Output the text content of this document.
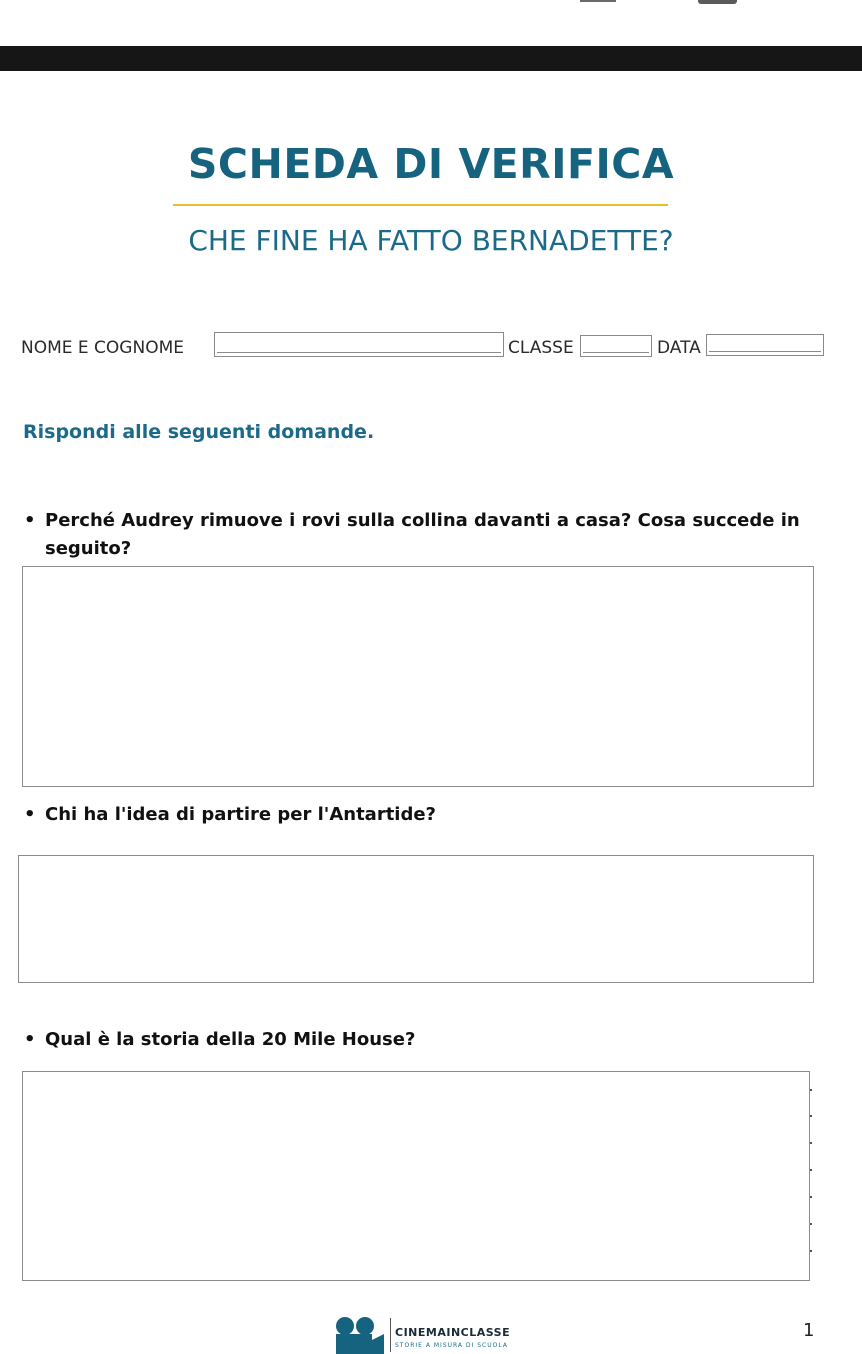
SCHEDA DI VERIFICA
CHE FINE HA FATTO BERNADETTE?
NOME E COGNOME	CLASSE	DATA
Rispondi alle seguenti domande.
• Perché Audrey rimuove i rovi sulla collina davanti a casa? Cosa succede in seguito?
• Chi ha l'idea di partire per l'Antartide?
• Qual è la storia della 20 Mile House?
CINEMAINCLASSE
STORIE A MISURA DI SCUOLA
1
